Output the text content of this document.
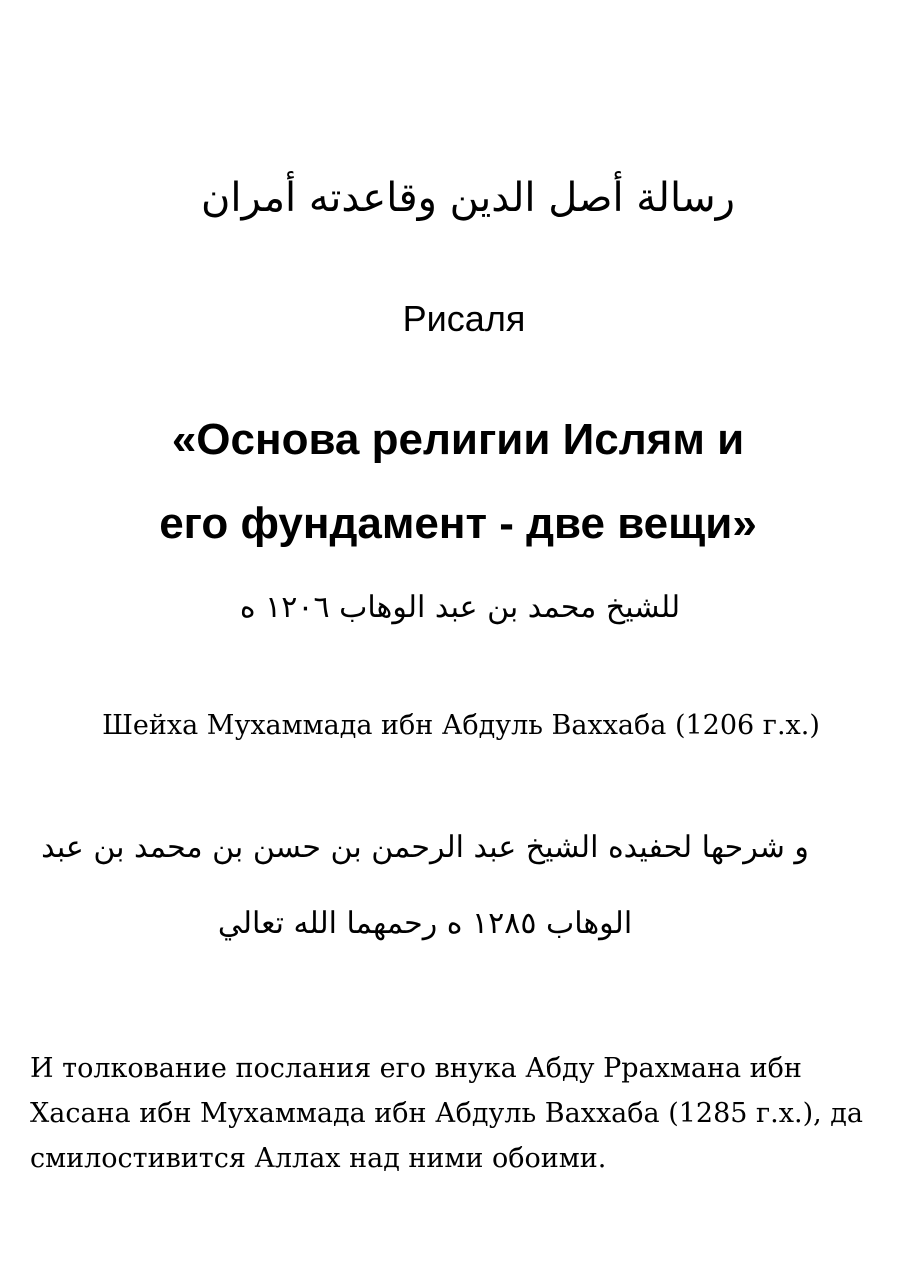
رسالة أصل الدين وقاعدته أمران

Рисаля

«Основа религии Ислям и
его фундамент - две вещи»

للشيخ محمد بن عبد الوهاب ١٢٠٦ ه

Шейха Мухаммада ибн Абдуль Ваххаба (1206 г.х.)

و شرحها لحفيده الشيخ عبد الرحمن بن حسن بن محمد بن عبد الوهاب ١٢٨٥ ه رحمهما الله تعالي

И толкование послания его внука Абду Ррахмана ибн Хасана ибн Мухаммада ибн Абдуль Ваххаба (1285 г.х.), да смилостивится Аллах над ними обоими.
